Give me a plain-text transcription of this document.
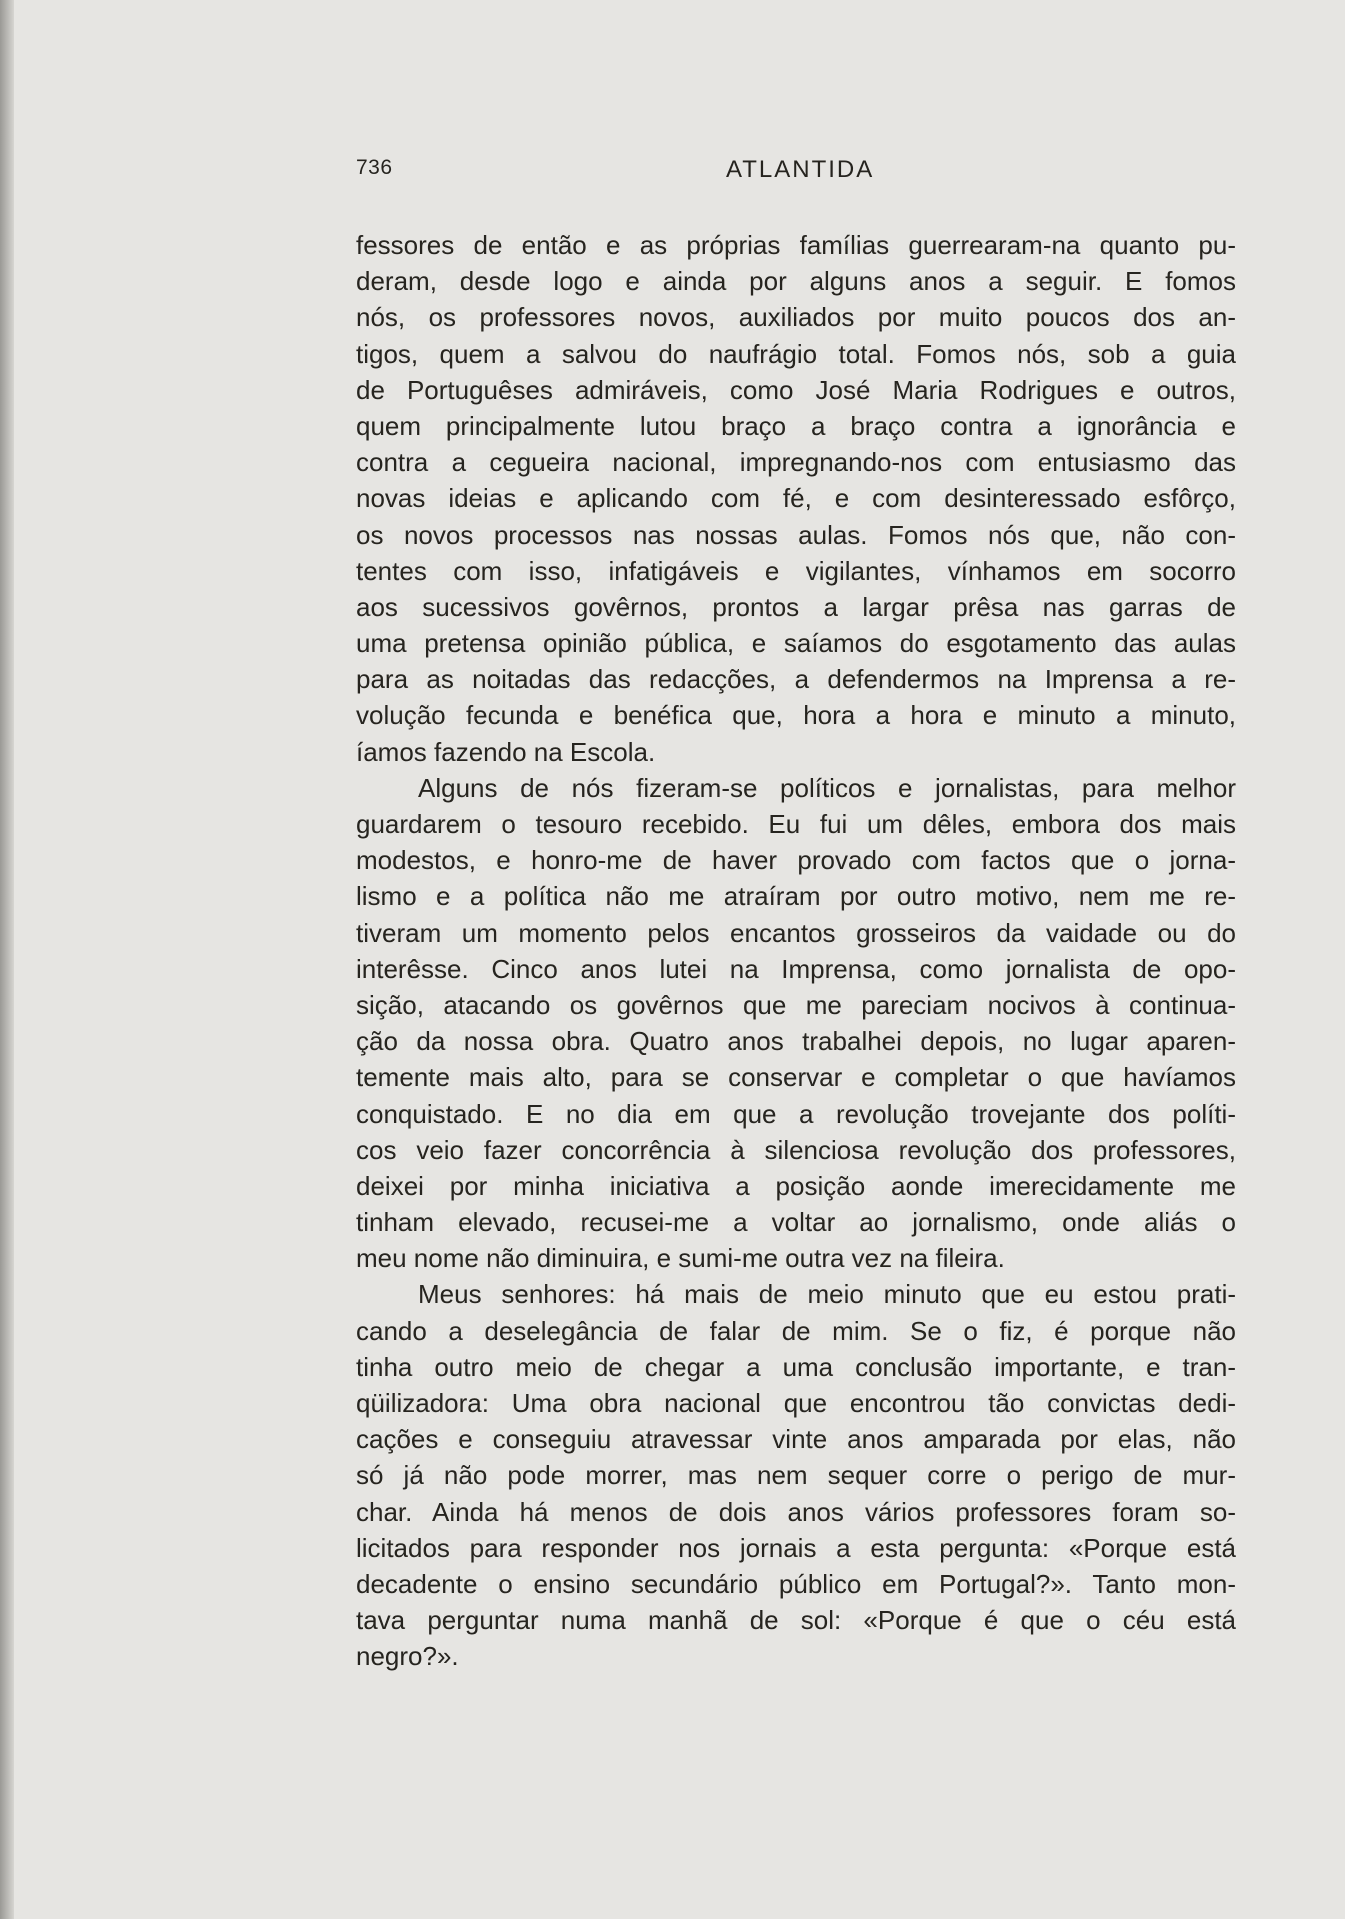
736	ATLANTIDA
fessores de então e as próprias famílias guerrearam-na quanto pu-
deram, desde logo e ainda por alguns anos a seguir. E fomos
nós, os professores novos, auxiliados por muito poucos dos an-
tigos, quem a salvou do naufrágio total. Fomos nós, sob a guia
de Portuguêses admiráveis, como José Maria Rodrigues e outros,
quem principalmente lutou braço a braço contra a ignorância e
contra a cegueira nacional, impregnando-nos com entusiasmo das
novas ideias e aplicando com fé, e com desinteressado esfôrço,
os novos processos nas nossas aulas. Fomos nós que, não con-
tentes com isso, infatigáveis e vigilantes, vínhamos em socorro
aos sucessivos govêrnos, prontos a largar prêsa nas garras de
uma pretensa opinião pública, e saíamos do esgotamento das aulas
para as noitadas das redacções, a defendermos na Imprensa a re-
volução fecunda e benéfica que, hora a hora e minuto a minuto,
íamos fazendo na Escola.
Alguns de nós fizeram-se políticos e jornalistas, para melhor
guardarem o tesouro recebido. Eu fui um dêles, embora dos mais
modestos, e honro-me de haver provado com factos que o jorna-
lismo e a política não me atraíram por outro motivo, nem me re-
tiveram um momento pelos encantos grosseiros da vaidade ou do
interêsse. Cinco anos lutei na Imprensa, como jornalista de opo-
sição, atacando os govêrnos que me pareciam nocivos à continua-
ção da nossa obra. Quatro anos trabalhei depois, no lugar aparen-
temente mais alto, para se conservar e completar o que havíamos
conquistado. E no dia em que a revolução trovejante dos políti-
cos veio fazer concorrência à silenciosa revolução dos professores,
deixei por minha iniciativa a posição aonde imerecidamente me
tinham elevado, recusei-me a voltar ao jornalismo, onde aliás o
meu nome não diminuira, e sumi-me outra vez na fileira.
Meus senhores: há mais de meio minuto que eu estou prati-
cando a deselegância de falar de mim. Se o fiz, é porque não
tinha outro meio de chegar a uma conclusão importante, e tran-
qüilizadora: Uma obra nacional que encontrou tão convictas dedi-
cações e conseguiu atravessar vinte anos amparada por elas, não
só já não pode morrer, mas nem sequer corre o perigo de mur-
char. Ainda há menos de dois anos vários professores foram so-
licitados para responder nos jornais a esta pergunta: «Porque está
decadente o ensino secundário público em Portugal?». Tanto mon-
tava perguntar numa manhã de sol: «Porque é que o céu está
negro?».
